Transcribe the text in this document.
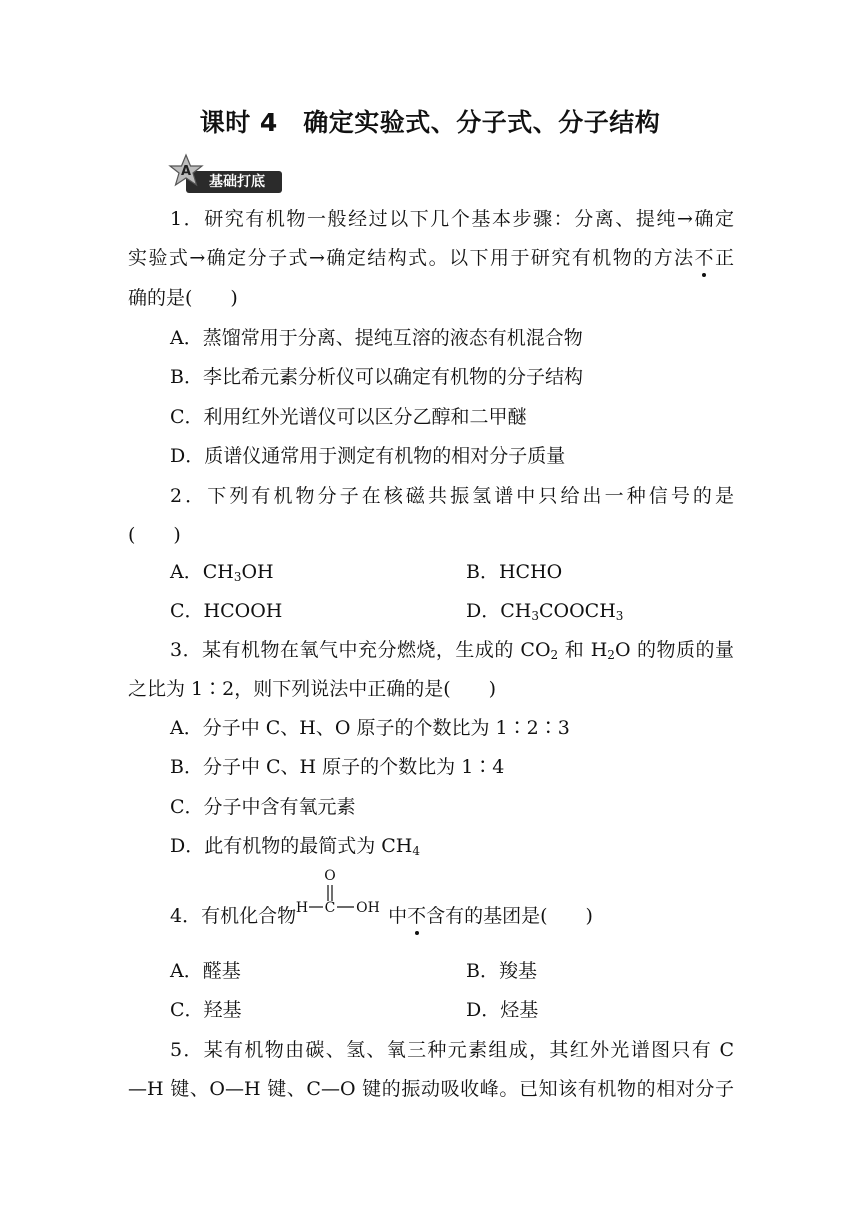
课时 4　确定实验式、分子式、分子结构
基础打底
A
1．研究有机物一般经过以下几个基本步骤：分离、提纯→确定
实验式→确定分子式→确定结构式。以下用于研究有机物的方法不正
确的是(　　)
A．蒸馏常用于分离、提纯互溶的液态有机混合物
B．李比希元素分析仪可以确定有机物的分子结构
C．利用红外光谱仪可以区分乙醇和二甲醚
D．质谱仪通常用于测定有机物的相对分子质量
2．下列有机物分子在核磁共振氢谱中只给出一种信号的是
(　　)
A．$CH_3OH$	B．HCHO
C．HCOOH	D．$CH_3COOCH_3$
3．某有机物在氧气中充分燃烧，生成的 $CO_2$ 和 $H_2O$ 的物质的量
之比为 1∶2，则下列说法中正确的是(　　)
A．分子中 C、H、O 原子的个数比为 1∶2∶3
B．分子中 C、H 原子的个数比为 1∶4
C．分子中含有氧元素
D．此有机物的最简式为 $CH_4$
4．有机化合物
O
H C OH 中不含有的基团是(　　)
A．醛基	B．羧基
C．羟基	D．烃基
5．某有机物由碳、氢、氧三种元素组成，其红外光谱图只有 C
—H 键、O—H 键、C—O 键的振动吸收峰。已知该有机物的相对分子
